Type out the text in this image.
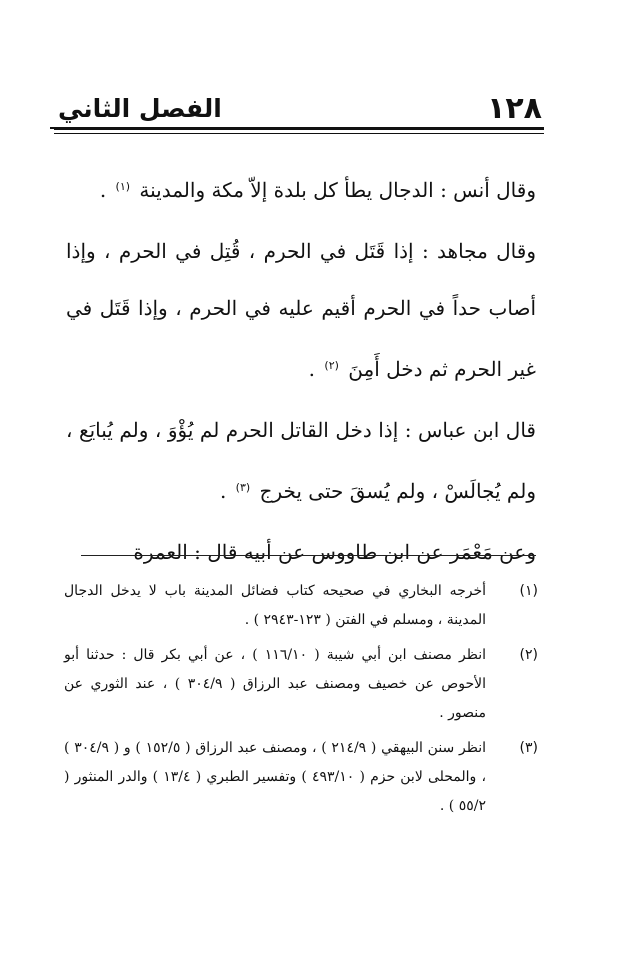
١٢٨
الفصل الثاني

وقال أنس : الدجال يطأ كل بلدة إلاّ مكة والمدينة $^{(١)}$ .

وقال مجاهد : إذا قَتَل في الحرم ، قُتِل في الحرم ، وإذا أصاب حداً في الحرم أقيم عليه في الحرم ، وإذا قَتَل في غير الحرم ثم دخل أَمِنَ $^{(٢)}$ .

قال ابن عباس : إذا دخل القاتل الحرم لم يُؤْوَ ، ولم يُبايَع ، ولم يُجالَسْ ، ولم يُسقَ حتى يخرج $^{(٣)}$ .

وعن مَعْمَر عن ابن طاووس عن أبيه قال : العمرة

(١)
أخرجه البخاري في صحيحه كتاب فضائل المدينة باب لا يدخل الدجال المدينة ، ومسلم في الفتن ( ١٢٣-٢٩٤٣ ) .
(٢)
انظر مصنف ابن أبي شيبة ( ١١٦/١٠ ) ، عن أبي بكر قال : حدثنا أبو الأحوص عن خصيف ومصنف عبد الرزاق ( ٣٠٤/٩ ) ، عند الثوري عن منصور .
(٣)
انظر سنن البيهقي ( ٢١٤/٩ ) ، ومصنف عبد الرزاق ( ١٥٢/٥ ) و ( ٣٠٤/٩ ) ، والمحلى لابن حزم ( ٤٩٣/١٠ ) وتفسير الطبري ( ١٣/٤ ) والدر المنثور ( ٥٥/٢ ) .
